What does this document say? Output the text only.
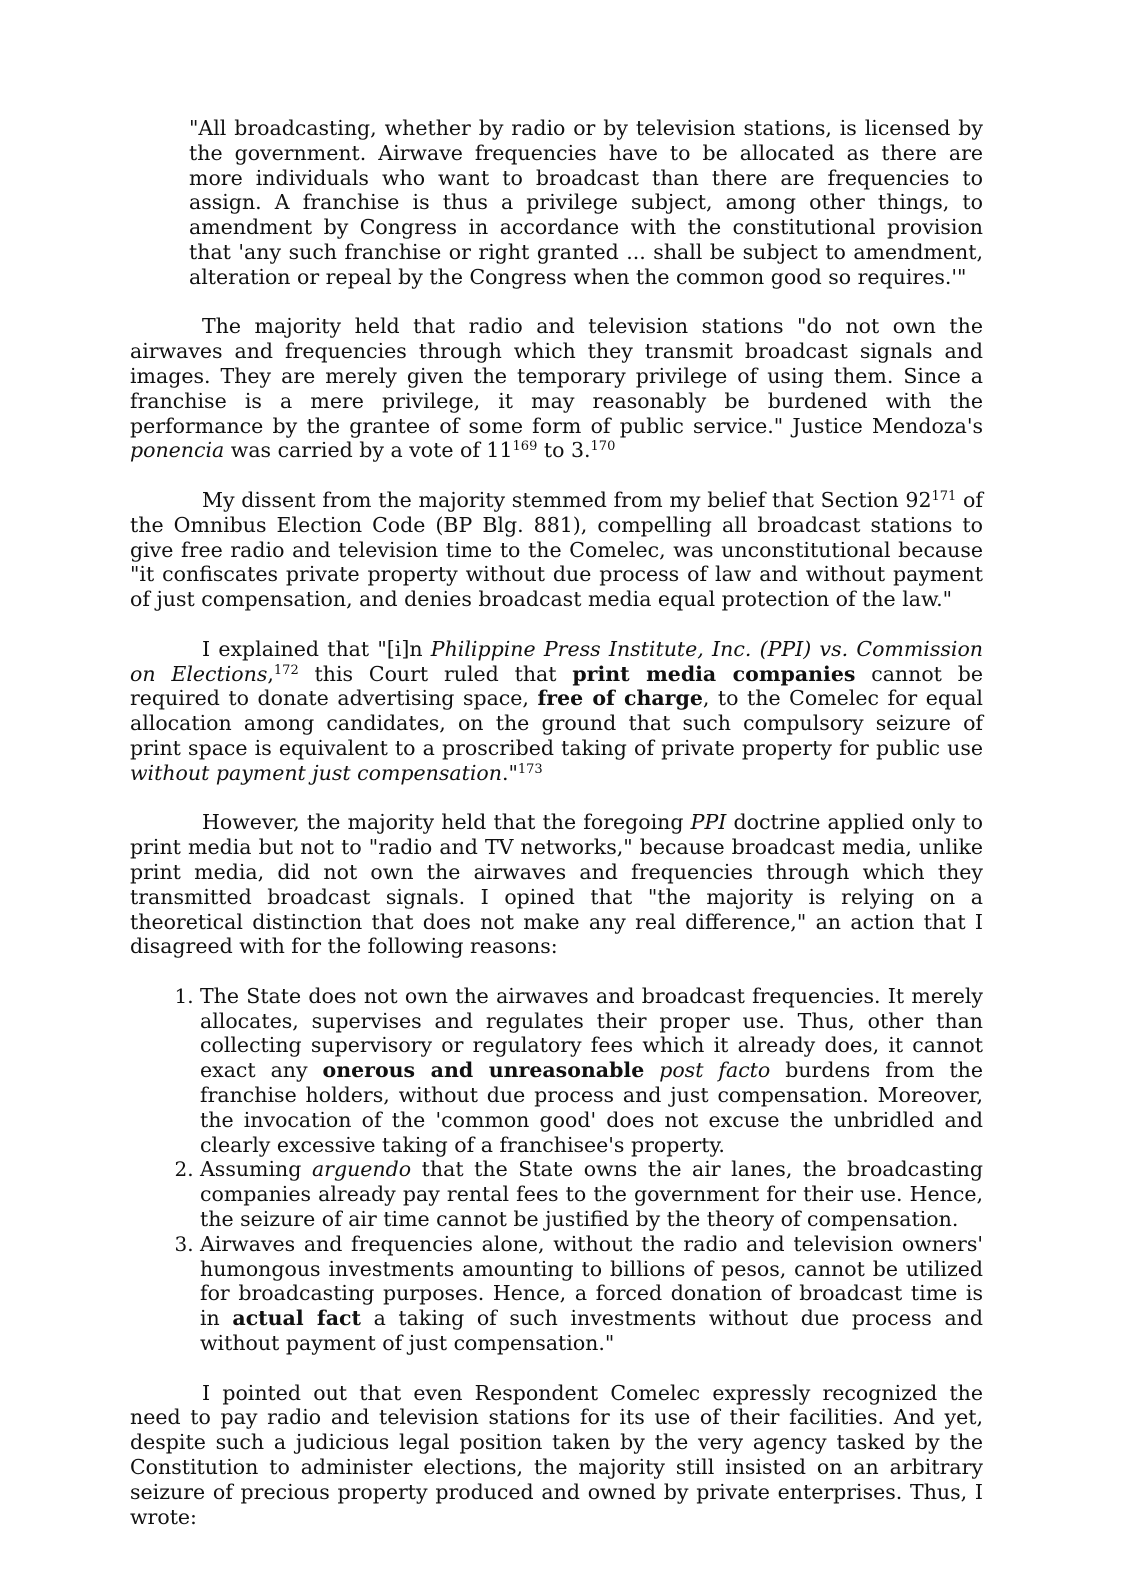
"All broadcasting, whether by radio or by television stations, is licensed by the government. Airwave frequencies have to be allocated as there are more individuals who want to broadcast than there are frequencies to assign. A franchise is thus a privilege subject, among other things, to amendment by Congress in accordance with the constitutional provision that 'any such franchise or right granted ... shall be subject to amendment, alteration or repeal by the Congress when the common good so requires.'"

The majority held that radio and television stations "do not own the airwaves and frequencies through which they transmit broadcast signals and images. They are merely given the temporary privilege of using them. Since a franchise is a mere privilege, it may reasonably be burdened with the performance by the grantee of some form of public service." Justice Mendoza's ponencia was carried by a vote of $11^{169}$ to 3.$^{170}$

My dissent from the majority stemmed from my belief that Section $92^{171}$ of the Omnibus Election Code (BP Blg. 881), compelling all broadcast stations to give free radio and television time to the Comelec, was unconstitutional because "it confiscates private property without due process of law and without payment of just compensation, and denies broadcast media equal protection of the law."

I explained that "[i]n Philippine Press Institute, Inc. (PPI) vs. Commission on Elections,$^{172}$ this Court ruled that print media companies cannot be required to donate advertising space, free of charge, to the Comelec for equal allocation among candidates, on the ground that such compulsory seizure of print space is equivalent to a proscribed taking of private property for public use without payment just compensation."$^{173}$

However, the majority held that the foregoing PPI doctrine applied only to print media but not to "radio and TV networks," because broadcast media, unlike print media, did not own the airwaves and frequencies through which they transmitted broadcast signals. I opined that "the majority is relying on a theoretical distinction that does not make any real difference," an action that I disagreed with for the following reasons:

1. The State does not own the airwaves and broadcast frequencies. It merely allocates, supervises and regulates their proper use. Thus, other than collecting supervisory or regulatory fees which it already does, it cannot exact any onerous and unreasonable post facto burdens from the franchise holders, without due process and just compensation. Moreover, the invocation of the 'common good' does not excuse the unbridled and clearly excessive taking of a franchisee's property.
2. Assuming arguendo that the State owns the air lanes, the broadcasting companies already pay rental fees to the government for their use. Hence, the seizure of air time cannot be justified by the theory of compensation.
3. Airwaves and frequencies alone, without the radio and television owners' humongous investments amounting to billions of pesos, cannot be utilized for broadcasting purposes. Hence, a forced donation of broadcast time is in actual fact a taking of such investments without due process and without payment of just compensation."

I pointed out that even Respondent Comelec expressly recognized the need to pay radio and television stations for its use of their facilities. And yet, despite such a judicious legal position taken by the very agency tasked by the Constitution to administer elections, the majority still insisted on an arbitrary seizure of precious property produced and owned by private enterprises. Thus, I wrote:
